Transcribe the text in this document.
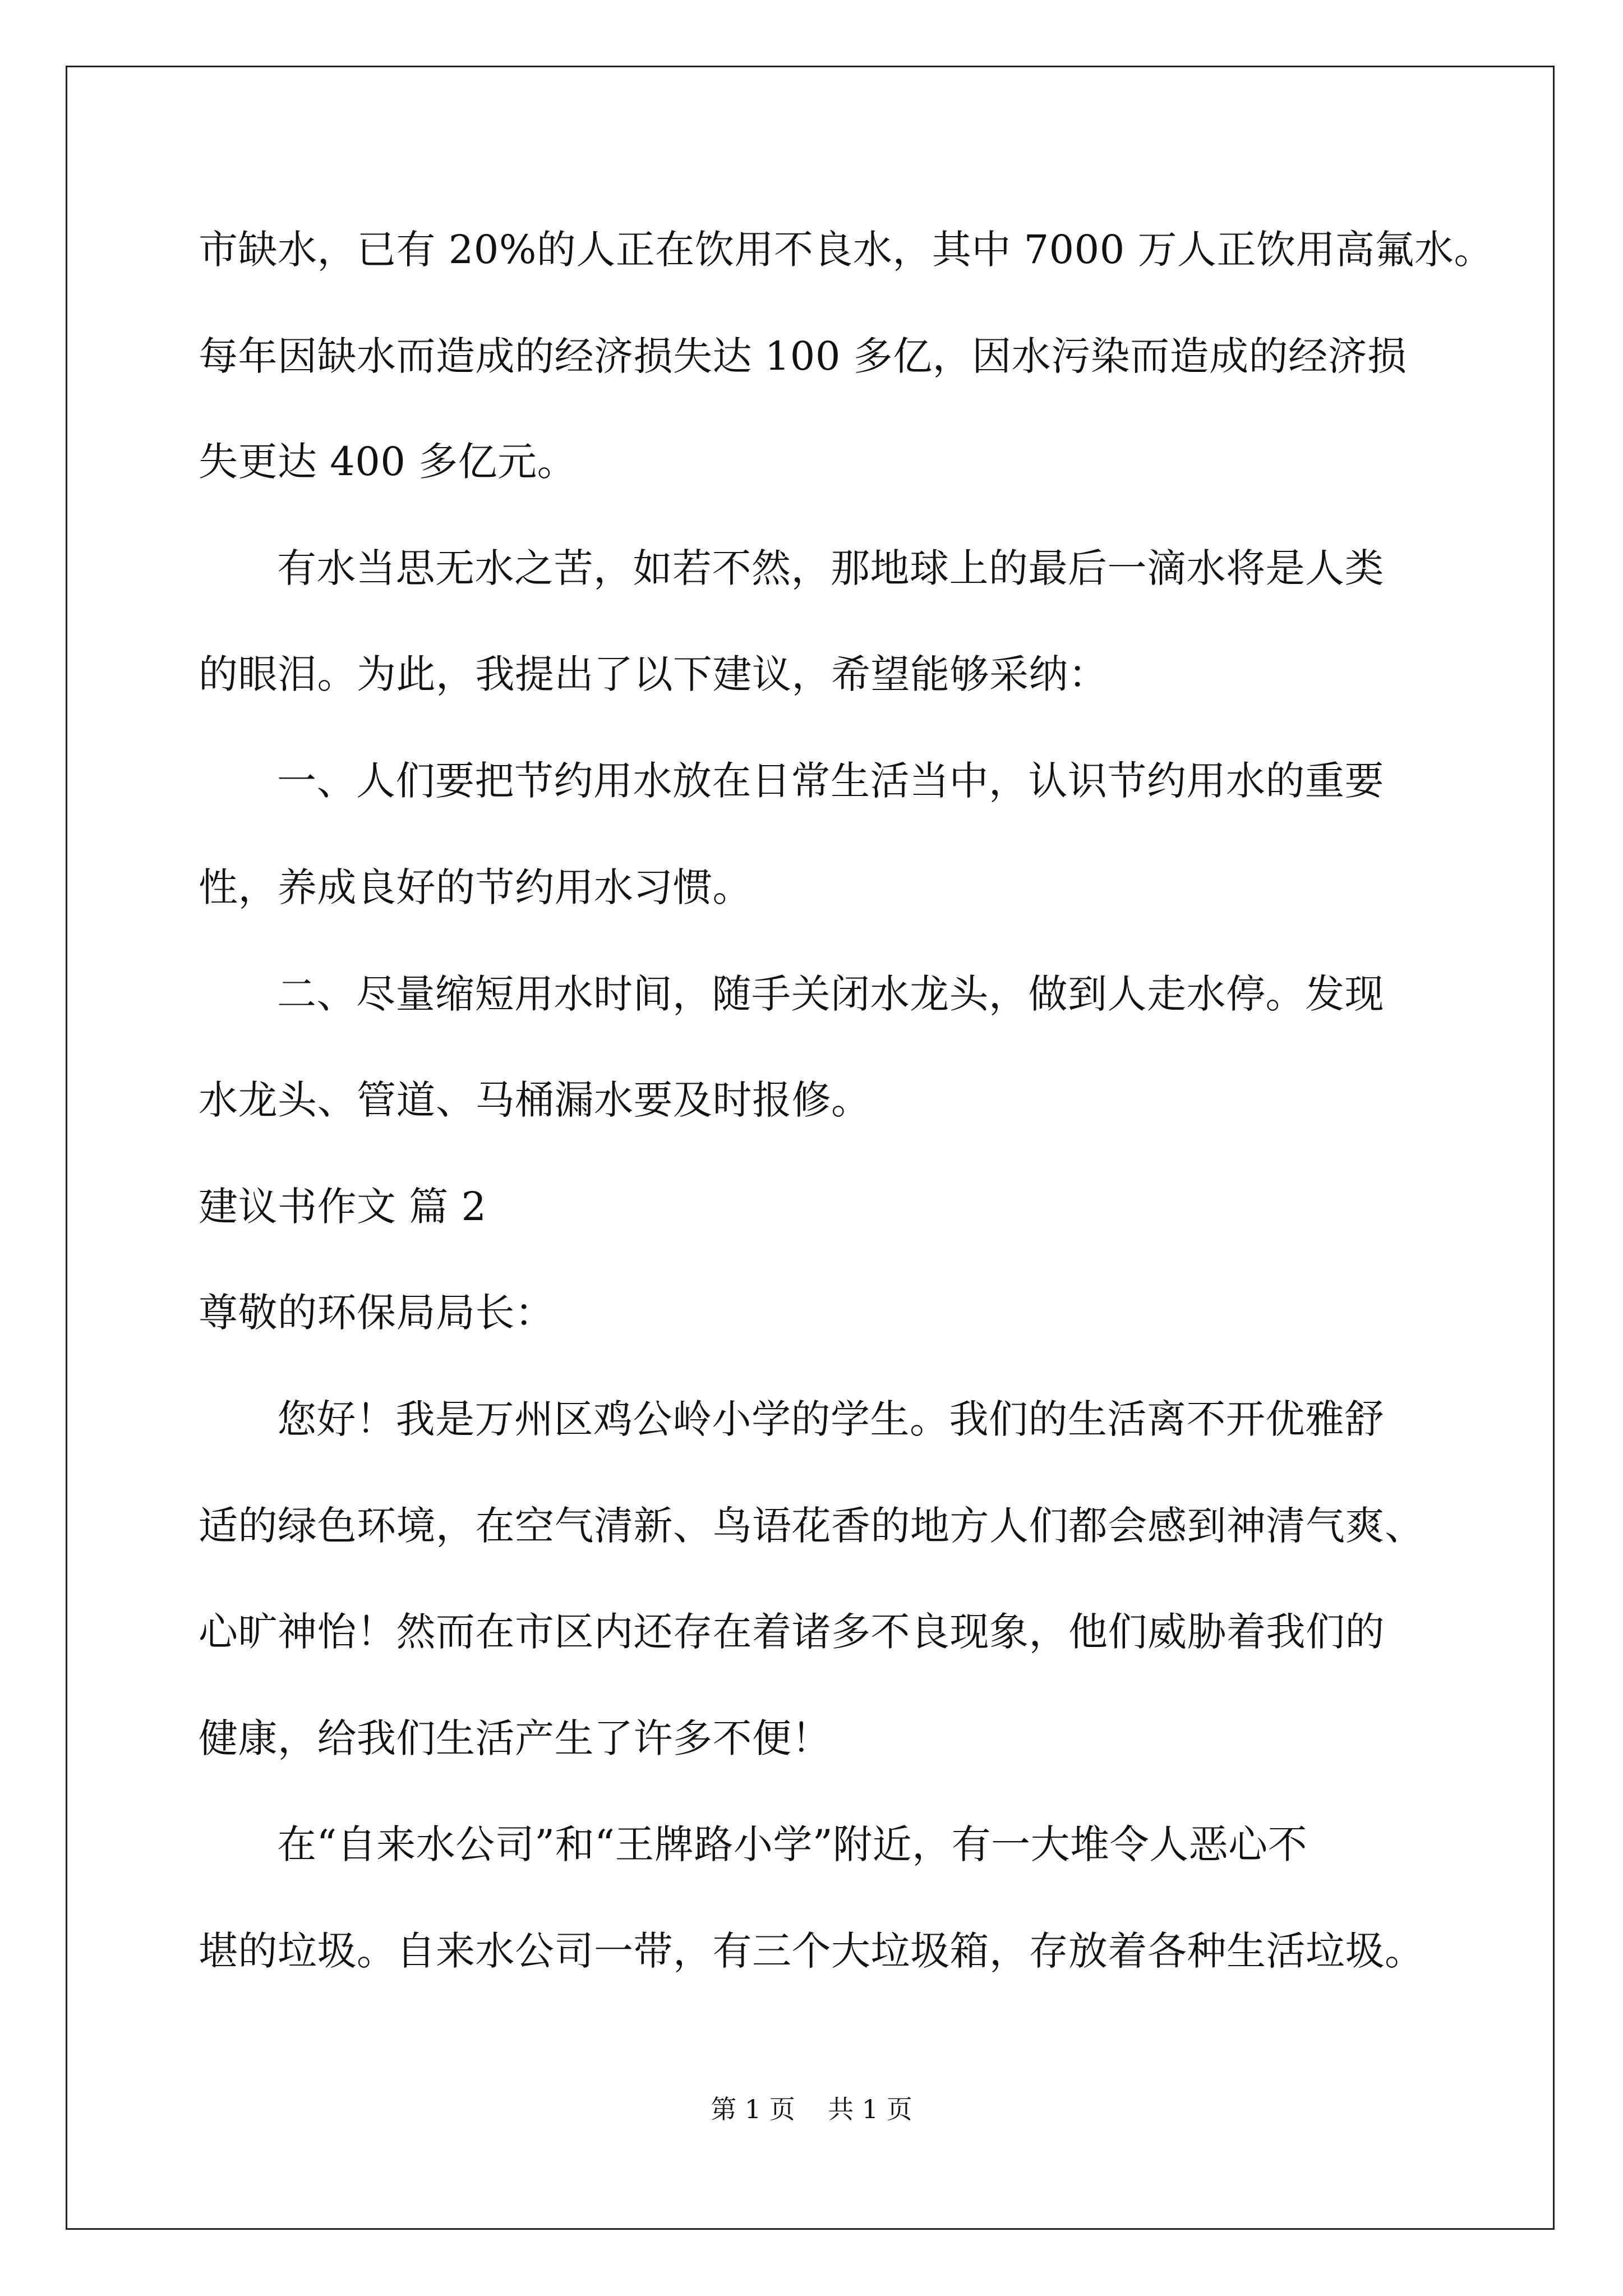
市缺水，已有 20%的人正在饮用不良水，其中 7000 万人正饮用高氟水。
每年因缺水而造成的经济损失达 100 多亿，因水污染而造成的经济损
失更达 400 多亿元。
有水当思无水之苦，如若不然，那地球上的最后一滴水将是人类
的眼泪。为此，我提出了以下建议，希望能够采纳：
一、人们要把节约用水放在日常生活当中，认识节约用水的重要
性，养成良好的节约用水习惯。
二、尽量缩短用水时间，随手关闭水龙头，做到人走水停。发现
水龙头、管道、马桶漏水要及时报修。
建议书作文 篇 2
尊敬的环保局局长：
您好！我是万州区鸡公岭小学的学生。我们的生活离不开优雅舒
适的绿色环境，在空气清新、鸟语花香的地方人们都会感到神清气爽、
心旷神怡！然而在市区内还存在着诸多不良现象，他们威胁着我们的
健康，给我们生活产生了许多不便！
在“自来水公司”和“王牌路小学”附近，有一大堆令人恶心不
堪的垃圾。自来水公司一带，有三个大垃圾箱，存放着各种生活垃圾。
第 1 页    共 1 页
